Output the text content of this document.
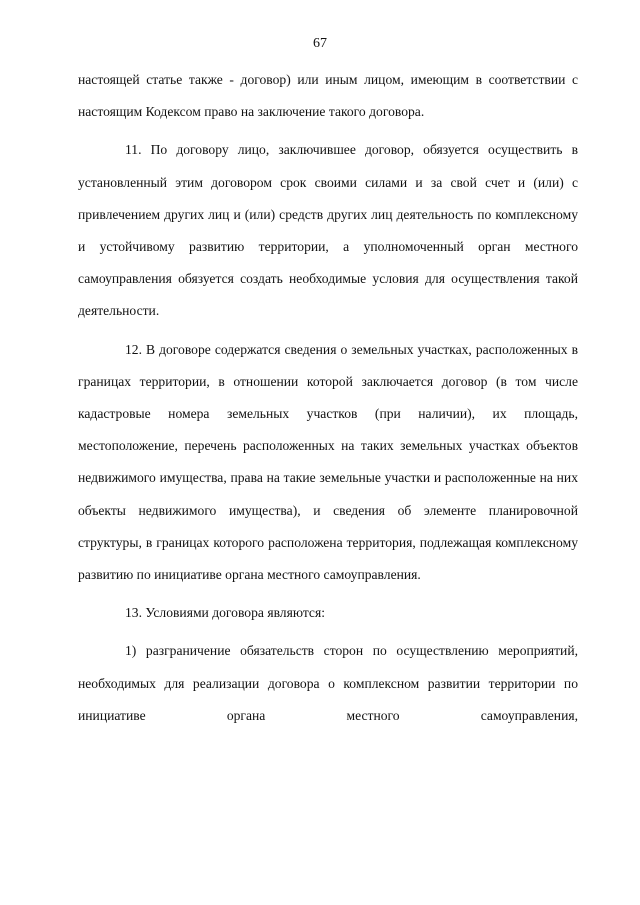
67

настоящей статье также - договор) или иным лицом, имеющим в соответствии с настоящим Кодексом право на заключение такого договора.

11. По договору лицо, заключившее договор, обязуется осуществить в установленный этим договором срок своими силами и за свой счет и (или) с привлечением других лиц и (или) средств других лиц деятельность по комплексному и устойчивому развитию территории, а уполномоченный орган местного самоуправления обязуется создать необходимые условия для осуществления такой деятельности.

12. В договоре содержатся сведения о земельных участках, расположенных в границах территории, в отношении которой заключается договор (в том числе кадастровые номера земельных участков (при наличии), их площадь, местоположение, перечень расположенных на таких земельных участках объектов недвижимого имущества, права на такие земельные участки и расположенные на них объекты недвижимого имущества), и сведения об элементе планировочной структуры, в границах которого расположена территория, подлежащая комплексному развитию по инициативе органа местного самоуправления.

13. Условиями договора являются:

1) разграничение обязательств сторон по осуществлению мероприятий, необходимых для реализации договора о комплексном развитии территории по инициативе органа местного самоуправления,
